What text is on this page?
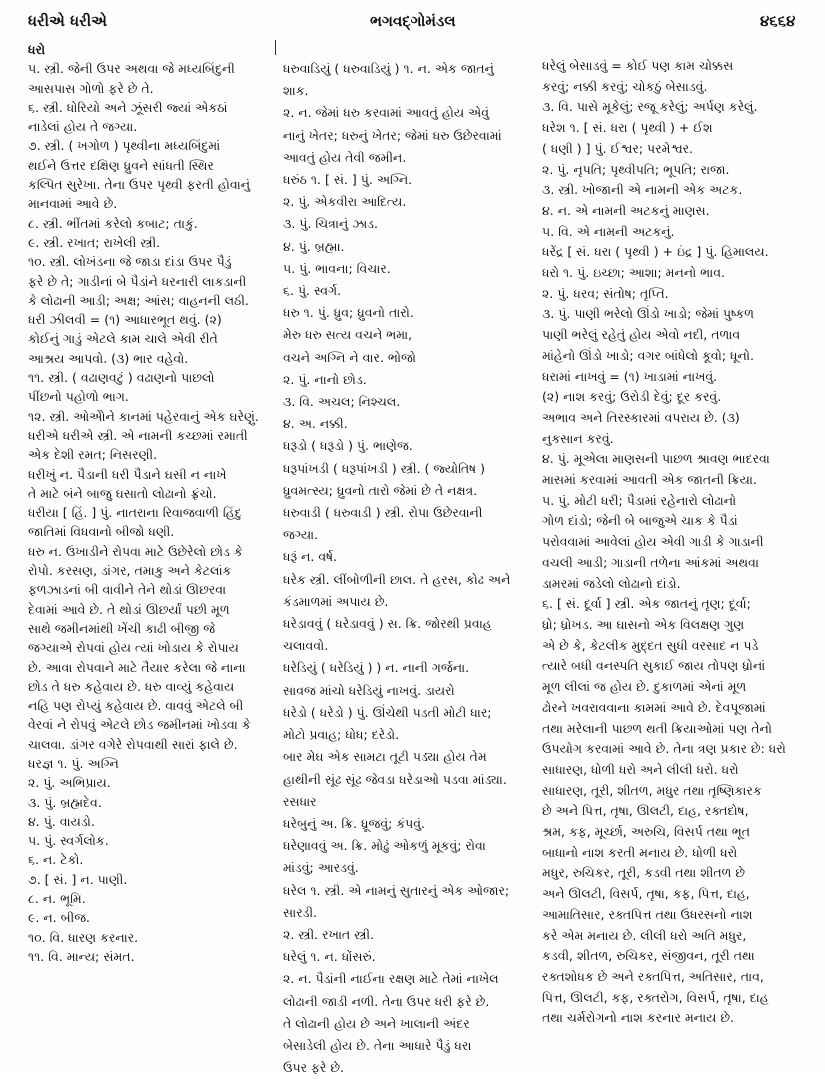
ધરીએ ધરીએ	ભગવદ્ગોમંડલ	૪૬૬૪
ધરો
૫. સ્ત્રી. જેની ઉપર અથવા જે મધ્યબિંદુની
આસપાસ ગોળો ફરે છે તે.
૬. સ્ત્રી. ધોરિયો અને ઝૂંસરી જ્યાં એકઠાં
નાડેલાં હોય તે જગ્યા.
૭. સ્ત્રી. ( ખગોળ ) પૃથ્વીના મધ્યબિંદુમાં
થઈને ઉત્તર દક્ષિણ ધ્રુવને સાંધતી સ્થિર
કલ્પિત સુરેખા. તેના ઉપર પૃથ્વી ફરતી હોવાનું
માનવામાં આવે છે.
૮. સ્ત્રી. ભીંતમાં કરેલો કબાટ; તાકું.
૯. સ્ત્રી. રખાત; રાખેલી સ્ત્રી.
૧૦. સ્ત્રી. લોખંડના જે જાડા દાંડા ઉપર પૈડું
ફરે છે તે; ગાડીનાં બે પૈડાંને ધરનારી લાકડાની
કે લોઢાની આડી; અક્ષ; આંસ; વાહનની લઠી.
ધરી ઝીલવી = (૧) આધારભૂત થવું. (૨)
કોઈનું ગાડું એટલે કામ ચાલે એવી રીતે
આશ્રય આપવો. (૩) ભાર વહેવો.
૧૧. સ્ત્રી. ( વઢાણવટું ) વઢાણનો પાછલો
પીંછનો પહોળો ભાગ.
૧૨. સ્ત્રી. ઓએોને કાનમાં પહેરવાનું એક ઘરેણું.
ધરીએ ધરીએ સ્ત્રી. એ નામની કચ્છમાં રમાતી
એક દેશી રમત; નિસરણી.
ધરીખું ન. પૈડાની ધરી પૈડાને ઘસી ન નાખે
તે માટે બંને બાજુ ઘસાતો લોઢાનો ફ્રંચો.
ધરીયા [ હિં. ] પું. નાતરાના રિવાજવાળી હિંદુ
જાતિમાં વિધવાનો બીજો ધણી.
ધરુ ન. ઉખાડીને રોપવા માટે ઉછેરેલો છોડ કે
રોપો. કરસણ, ડાંગર, તમાકુ અને કેટલાંક
ફળઝાડનાં બી વાવીને તેને થોડાં ઊછરવા
દેવામાં આવે છે. તે થોડાં ઊછર્યાં પછી મૂળ
સાથે જમીનમાંથી ખેંચી કાઢી બીજી જે
જગ્યાએ રોપવાં હોય ત્યાં ખોડાય કે રોપાય
છે. આવા રોપવાને માટે તૈયાર કરેલા જે નાના
છોડ તે ધરુ કહેવાય છે. ધરુ વાવ્યું કહેવાય
નહિ પણ રોપ્યું કહેવાય છે. વાવવું એટલે બી
વેરવાં ને રોપવું એટલે છોડ જમીનમાં ખોડવા કે
ચાલવા. ડાંગર વગેરે રોપવાથી સારાં ફાલે છે.
ધરજ્ઞ ૧. પું. અગ્નિ
૨. પું. અભિપ્રાય.
૩. પું. બ્રહ્મદેવ.
૪. પું. વાયડો.
૫. પું. સ્વર્ગલોક.
૬. ન. ટેકો.
૭. [ સં. ] ન. પાણી.
૮. ન. ભૂમિ.
૯. ન. બીજ.
૧૦. વિ. ધારણ કરનાર.
૧૧. વિ. માન્ય; સંમત.
ધરુવાડિયું ( ધરુવાડિયું ) ૧. ન. એક જાતનું
શાક.
૨. ન. જેમાં ધરુ કરવામાં આવતું હોય એવું
નાનું ખેતર; ધરુનું ખેતર; જેમાં ધરુ ઉછેરવામાં
આવતું હોય તેવી જમીન.
ધરુંઠ ૧. [ સં. ] પું. અગ્નિ.
૨. પું. એકવીરા આદિત્ય.
૩. પું. ચિત્રાનું ઝાડ.
૪. પું. બ્રહ્મા.
૫. પું. ભાવના; વિચાર.
૬. પું. સ્વર્ગ.
ધરુ ૧. પું. ધ્રુવ; ધ્રુવનો તારો.
મેરુ ધરુ સત્ય વચને ભમા,
વચને અગ્નિ ને વાર. ભોજો
૨. પું. નાનો છોડ.
૩. વિ. અચલ; નિશ્ચલ.
૪. અ. નક્કી.
ધરૂડો ( ધરૂડો ) પું. ભાણેજ.
ધરૂપાંખડી ( ધરૂપાંખડી ) સ્ત્રી. ( જ્યોતિષ )
ધ્રુવમત્સ્ય; ધ્રુવનો તારો જેમાં છે તે નક્ષત્ર.
ધરુવાડી ( ધરુવાડી ) સ્ત્રી. રોપા ઉછેરવાની
જગ્યા.
ધરૂં ન. વર્ષ.
ધરેક સ્ત્રી. લીંબોળીની છાલ. તે હરસ, કોઢ અને
કંડમાળમાં અપાય છે.
ધરેડાવવું ( ધરેડાવવું ) સ. ક્રિ. જોરથી પ્રવાહ
ચલાવવો.
ધરેડિયું ( ધરેડિયું ) ) ન. નાની ગર્જના.
સાવજ માંચો ધરેડિયું નાખવું. ડાયરો
ધરેડો ( ધરેડો ) પું. ઊંચેથી પડતી મોટી ધાર;
મોટો પ્રવાહ; ધોધ; દરેડો.
બાર મેઘ એક સામટા તૂટી પડ્યા હોય તેમ
હાથીની સૂંઢ સૂંઢ જેવડા ધરેડાઓ પડવા માંડ્યા.
રસધાર
ધરેબુનું અ. ક્રિ. ધ્રૂજવું; કંપવું.
ધરેણાવવું અ. ક્રિ. મોઢું ઓકળું મૂકવું; રોવા
માંડવું; આરડવું.
ધરેલ ૧. સ્ત્રી. એ નામનું સુતારનું એક ઓજાર;
સારડી.
૨. સ્ત્રી. રખાત સ્ત્રી.
ધરેલું ૧. ન. ધોંસરું.
૨. ન. પૈડાંની નાઈના રક્ષણ માટે તેમાં નાખેલ
લોઢાની જાડી નળી. તેના ઉપર ધરી ફરે છે.
તે લોઢાની હોય છે અને ખાલાની અંદર
બેસાડેલી હોય છે. તેના આધારે પૈડું ધરા
ઉપર ફરે છે.
ધરેલું બેસાડવું = કોઈ પણ કામ ચોક્કસ
કરવું; નક્કી કરવું; ચોકઠું બેસાડવું.
૩. વિ. પાસે મૂકેલું; રજૂ કરેલું; અર્પણ કરેલું.
ધરેશ ૧. [ સં. ધરા ( પૃથ્વી ) + ઈશ
( ધણી ) ] પું. ઈશ્વર; પરમેશ્વર.
૨. પું. નૃપતિ; પૃથ્વીપતિ; ભૂપતિ; રાજા.
૩. સ્ત્રી. ખોજાની એ નામની એક અટક.
૪. ન. એ નામની અટકનું માણસ.
૫. વિ. એ નામની અટકનું.
ધરેંદ્ર [ સં. ધરા ( પૃથ્વી ) + ઇંદ્ર ] પું. હિમાલય.
ધરો ૧. પું. ઇચ્છા; આશા; મનનો ભાવ.
૨. પું. ધરવ; સંતોષ; તૃપ્તિ.
૩. પું. પાણી ભરેલો ઊંડો ખાડો; જેમાં પુષ્કળ
પાણી ભરેલું રહેતું હોય એવો નદી, તળાવ
માંહેનો ઊંડો ખાડો; વગર બાંધેલો કૂવો; ધૂનો.
ધરામાં નાખવું = (૧) ખાડામાં નાખવું.
(૨) નાશ કરવું; ઉરોડી દેવું; દૂર કરવું.
અભાવ અને તિરસ્કારમાં વપરાય છે. (૩)
નુકસાન કરવું.
૪. પું. મૂએલા માણસની પાછળ શ્રાવણ ભાદરવા
માસમાં કરવામાં આવતી એક જાતની ક્રિયા.
૫. પું. મોટી ધરી; પૈડામાં રહેનારો લોઢાનો
ગોળ દાંડો; જેની બે બાજુએ ચાક કે પૈડાં
પરોવવામાં આવેલાં હોય એવી ગાડી કે ગાડાની
વચલી આડી; ગાડાની તળેના આંકમાં અથવા
ડામરમાં જડેલો લોઢાનો દાંડો.
૬. [ સં. દૂર્વા ] સ્ત્રી. એક જાતનું તૃણ; દૂર્વા;
ધ્રો; ધ્રોખડ. આ ઘાસનો એક વિલક્ષણ ગુણ
એ છે કે, કેટલીક મુદ્દત સુધી વરસાદ ન પડે
ત્યારે બધી વનસ્પતિ સુકાઈ જાય તોપણ ધ્રોનાં
મૂળ લીલાં જ હોય છે. દુકાળમાં એનાં મૂળ
ઢોરને ખવરાવવાના કામમાં આવે છે. દેવપૂજામાં
તથા મરેલાની પાછળ થતી ક્રિયાઓમાં પણ તેનો
ઉપયોગ કરવામાં આવે છે. તેના ત્રણ પ્રકાર છે: ધરો
સાધારણ, ધોળી ધરો અને લીલી ધરો. ધરો
સાધારણ, તૂરી, શીતળ, મધુર તથા તૃષ્ણિકારક
છે અને પિત્ત, તૃષા, ઊલટી, દાહ, રક્તદોષ,
શ્રમ, કફ, મૂર્ચ્છા, અરુચિ, વિસર્પ તથા ભૂત
બાધાનો નાશ કરતી મનાય છે. ધોળી ધરો
મધુર, રુચિકર, તૂરી, કડવી તથા શીતળ છે
અને ઊલટી, વિસર્પ, તૃષા, કફ, પિત્ત, દાહ,
આમાતિસાર, રક્તપિત્ત તથા ઉધરસનો નાશ
કરે એમ મનાય છે. લીલી ધરો અતિ મધુર,
કડવી, શીતળ, રુચિકર, સંજીવન, તૂરી તથા
રક્તશોધક છે અને રક્તપિત્ત, અતિસાર, તાવ,
પિત્ત, ઊલટી, કફ, રક્તરોગ, વિસર્પ, તૃષા, દાહ
તથા ચર્મરોગનો નાશ કરનાર મનાય છે.
